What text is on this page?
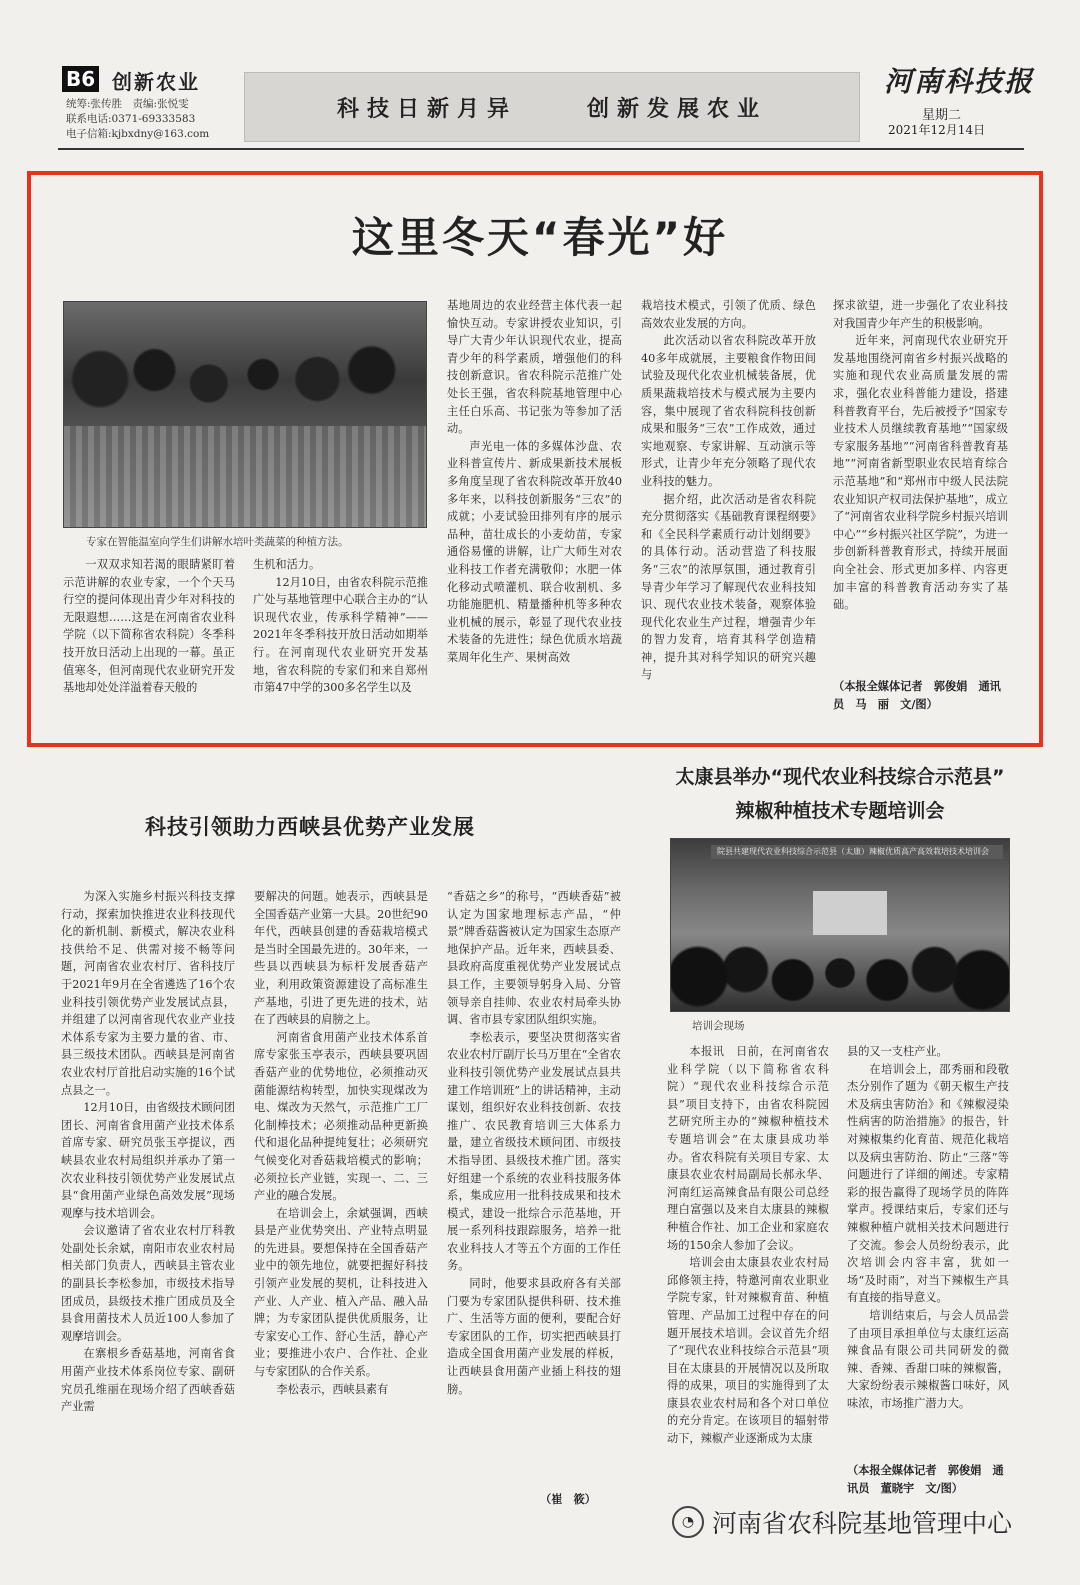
B6 创新农业
统筹:张传胜　责编:张悦雯
联系电话:0371-69333583
电子信箱:kjbxdny@163.com
科技日新月异	创新发展农业
河南科技报
星期二
2021年12月14日
这里冬天“春光”好
专家在智能温室向学生们讲解水培叶类蔬菜的种植方法。

一双双求知若渴的眼睛紧盯着示范讲解的农业专家，一个个天马行空的提问体现出青少年对科技的无限遐想……这是在河南省农业科学院（以下简称省农科院）冬季科技开放日活动上出现的一幕。虽正值寒冬，但河南现代农业研究开发基地却处处洋溢着春天般的

生机和活力。

12月10日，由省农科院示范推广处与基地管理中心联合主办的“认识现代农业，传承科学精神”——2021年冬季科技开放日活动如期举行。在河南现代农业研究开发基地，省农科院的专家们和来自郑州市第47中学的300多名学生以及

基地周边的农业经营主体代表一起愉快互动。专家讲授农业知识，引导广大青少年认识现代农业，提高青少年的科学素质，增强他们的科技创新意识。省农科院示范推广处处长王强，省农科院基地管理中心主任白乐高、书记张为等参加了活动。

声光电一体的多媒体沙盘、农业科普宣传片、新成果新技术展板多角度呈现了省农科院改革开放40多年来，以科技创新服务“三农”的成就；小麦试验田排列有序的展示品种，苗壮成长的小麦幼苗，专家通俗易懂的讲解，让广大师生对农业科技工作者充满敬仰；水肥一体化移动式喷灌机、联合收割机、多功能施肥机、精量播种机等多种农业机械的展示，彰显了现代农业技术装备的先进性；绿色优质水培蔬菜周年化生产、果树高效

栽培技术模式，引领了优质、绿色高效农业发展的方向。

此次活动以省农科院改革开放40多年成就展，主要粮食作物田间试验及现代化农业机械装备展，优质果蔬栽培技术与模式展为主要内容，集中展现了省农科院科技创新成果和服务“三农”工作成效，通过实地观察、专家讲解、互动演示等形式，让青少年充分领略了现代农业科技的魅力。

据介绍，此次活动是省农科院充分贯彻落实《基础教育课程纲要》和《全民科学素质行动计划纲要》的具体行动。活动营造了科技服务“三农”的浓厚氛围，通过教育引导青少年学习了解现代农业科技知识、现代农业技术装备，观察体验现代化农业生产过程，增强青少年的智力发育，培育其科学创造精神，提升其对科学知识的研究兴趣与

探求欲望，进一步强化了农业科技对我国青少年产生的积极影响。

近年来，河南现代农业研究开发基地围绕河南省乡村振兴战略的实施和现代农业高质量发展的需求，强化农业科普能力建设，搭建科普教育平台，先后被授予“国家专业技术人员继续教育基地”“国家级专家服务基地”“河南省科普教育基地”“河南省新型职业农民培育综合示范基地”和“郑州市中级人民法院农业知识产权司法保护基地”，成立了“河南省农业科学院乡村振兴培训中心”“乡村振兴社区学院”，为进一步创新科普教育形式，持续开展面向全社会、形式更加多样、内容更加丰富的科普教育活动夯实了基础。

（本报全媒体记者　郭俊娟　通讯员　马　丽　文/图）
科技引领助力西峡县优势产业发展

为深入实施乡村振兴科技支撑行动，探索加快推进农业科技现代化的新机制、新模式，解决农业科技供给不足、供需对接不畅等问题，河南省农业农村厅、省科技厅于2021年9月在全省遴选了16个农业科技引领优势产业发展试点县，并组建了以河南省现代农业产业技术体系专家为主要力量的省、市、县三级技术团队。西峡县是河南省农业农村厅首批启动实施的16个试点县之一。

12月10日，由省级技术顾问团团长、河南省食用菌产业技术体系首席专家、研究员张玉亭提议，西峡县农业农村局组织并承办了第一次农业科技引领优势产业发展试点县“食用菌产业绿色高效发展”现场观摩与技术培训会。

会议邀请了省农业农村厅科教处副处长余斌，南阳市农业农村局相关部门负责人，西峡县主管农业的副县长李松参加，市级技术指导团成员，县级技术推广团成员及全县食用菌技术人员近100人参加了观摩培训会。

在寨根乡香菇基地，河南省食用菌产业技术体系岗位专家、副研究员孔维丽在现场介绍了西峡香菇产业需

要解决的问题。她表示，西峡县是全国香菇产业第一大县。20世纪90年代，西峡县创建的香菇栽培模式是当时全国最先进的。30年来，一些县以西峡县为标杆发展香菇产业，利用政策资源建设了高标准生产基地，引进了更先进的技术，站在了西峡县的肩膀之上。

河南省食用菌产业技术体系首席专家张玉亭表示，西峡县要巩固香菇产业的优势地位，必须推动灭菌能源结构转型，加快实现煤改为电、煤改为天然气，示范推广工厂化制棒技术；必须推动品种更新换代和退化品种提纯复壮；必须研究气候变化对香菇栽培模式的影响；必须拉长产业链，实现一、二、三产业的融合发展。

在培训会上，余斌强调，西峡县是产业优势突出、产业特点明显的先进县。要想保持在全国香菇产业中的领先地位，就要把握好科技引领产业发展的契机，让科技进入产业、人产业、植入产品、融入品牌；为专家团队提供优质服务，让专家安心工作、舒心生活，静心产业；要推进小农户、合作社、企业与专家团队的合作关系。

李松表示，西峡县素有

“香菇之乡”的称号，“西峡香菇”被认定为国家地理标志产品，“仲景”牌香菇酱被认定为国家生态原产地保护产品。近年来，西峡县委、县政府高度重视优势产业发展试点县工作，主要领导躬身入局、分管领导亲自挂帅、农业农村局牵头协调、省市县专家团队组织实施。

李松表示，要坚决贯彻落实省农业农村厅副厅长马万里在“全省农业科技引领优势产业发展试点县共建工作培训班”上的讲话精神，主动谋划，组织好农业科技创新、农技推广、农民教育培训三大体系力量，建立省级技术顾问团、市级技术指导团、县级技术推广团。落实好组建一个系统的农业科技服务体系，集成应用一批科技成果和技术模式，建设一批综合示范基地，开展一系列科技跟踪服务，培养一批农业科技人才等五个方面的工作任务。

同时，他要求县政府各有关部门要为专家团队提供科研、技术推广、生活等方面的便利，要配合好专家团队的工作，切实把西峡县打造成全国食用菌产业发展的样板，让西峡县食用菌产业插上科技的翅膀。

（崔　筱）
太康县举办“现代农业科技综合示范县”
辣椒种植技术专题培训会
院县共建现代农业科技综合示范县（太康）辣椒优质高产高效栽培技术培训会
培训会现场

本报讯　日前，在河南省农业科学院（以下简称省农科院）“现代农业科技综合示范县”项目支持下，由省农科院园艺研究所主办的“辣椒种植技术专题培训会”在太康县成功举办。省农科院有关项目专家、太康县农业农村局副局长郝永华、河南红运高辣食品有限公司总经理白富强以及来自太康县的辣椒种植合作社、加工企业和家庭农场的150余人参加了会议。

培训会由太康县农业农村局邱修领主持，特邀河南农业职业学院专家，针对辣椒育苗、种植管理、产品加工过程中存在的问题开展技术培训。会议首先介绍了“现代农业科技综合示范县”项目在太康县的开展情况以及所取得的成果，项目的实施得到了太康县农业农村局和各个对口单位的充分肯定。在该项目的辐射带动下，辣椒产业逐渐成为太康

县的又一支柱产业。

在培训会上，邵秀丽和段敬杰分别作了题为《朝天椒生产技术及病虫害防治》和《辣椒浸染性病害的防治措施》的报告，针对辣椒集约化育苗、规范化栽培以及病虫害防治、防止“三落”等问题进行了详细的阐述。专家精彩的报告赢得了现场学员的阵阵掌声。授课结束后，专家们还与辣椒种植户就相关技术问题进行了交流。参会人员纷纷表示，此次培训会内容丰富，犹如一场“及时雨”，对当下辣椒生产具有直接的指导意义。

培训结束后，与会人员品尝了由项目承担单位与太康红运高辣食品有限公司共同研发的微辣、香辣、香甜口味的辣椒酱，大家纷纷表示辣椒酱口味好，风味浓，市场推广潜力大。

（本报全媒体记者　郭俊娟　通讯员　董晓宇　文/图）
◔ 河南省农科院基地管理中心
